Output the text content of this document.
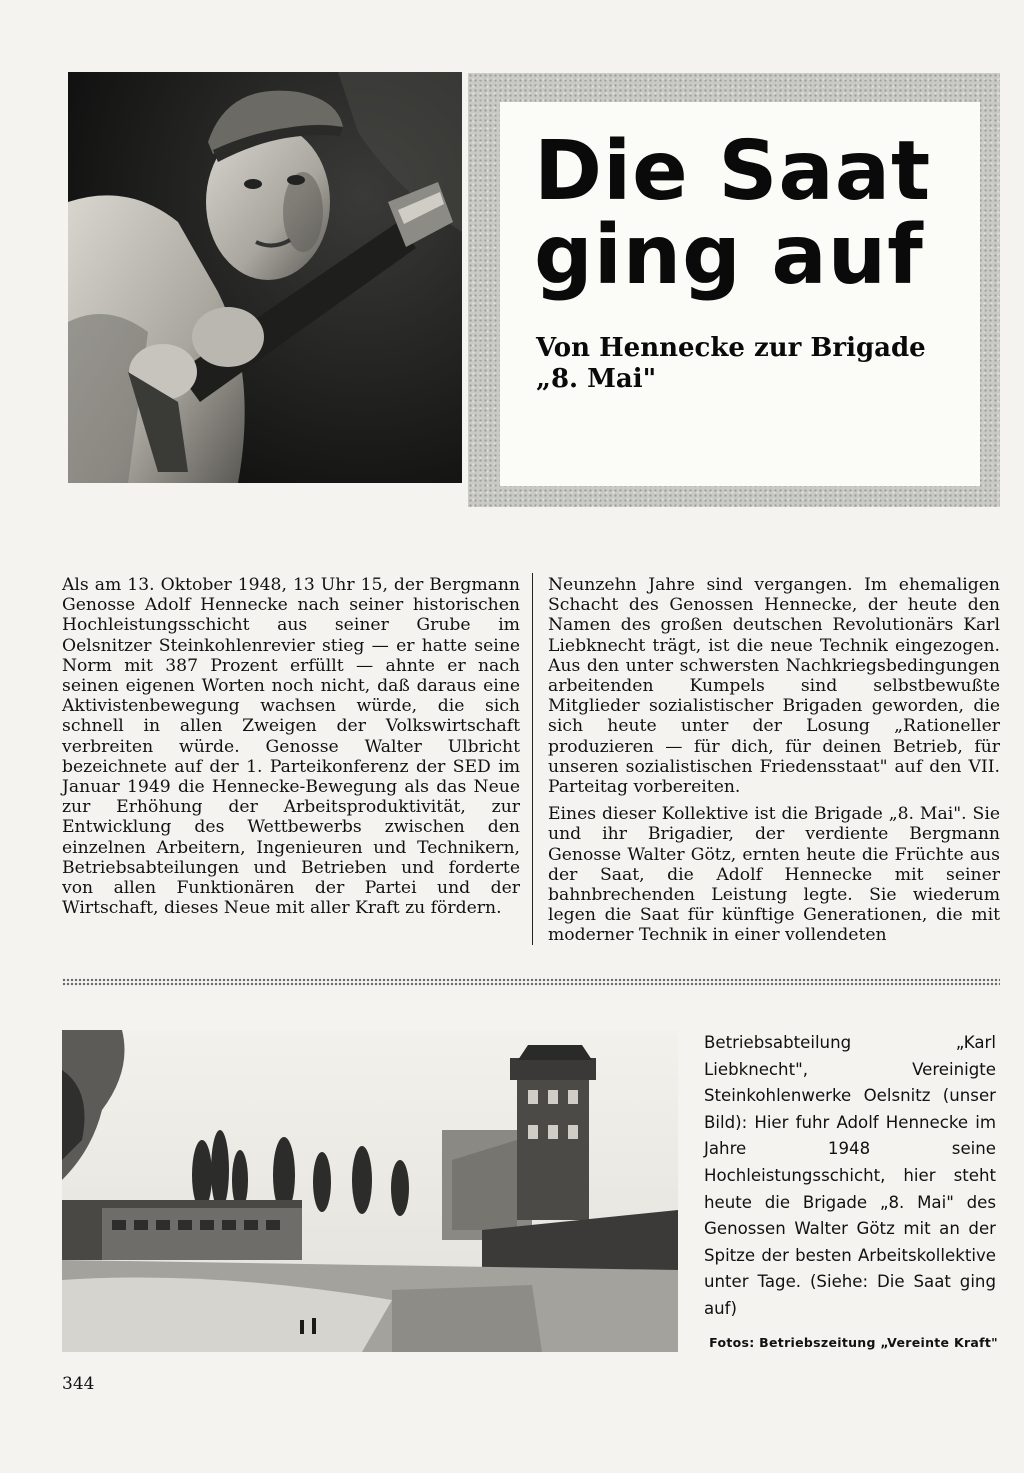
Die Saat ging auf
Von Hennecke zur Brigade „8. Mai"

Als am 13. Oktober 1948, 13 Uhr 15, der Bergmann Genosse Adolf Hennecke nach seiner historischen Hochleistungsschicht aus seiner Grube im Oelsnitzer Steinkohlenrevier stieg — er hatte seine Norm mit 387 Prozent erfüllt — ahnte er nach seinen eigenen Worten noch nicht, daß daraus eine Aktivistenbewegung wachsen würde, die sich schnell in allen Zweigen der Volkswirtschaft verbreiten würde. Genosse Walter Ulbricht bezeichnete auf der 1. Parteikonferenz der SED im Januar 1949 die Hennecke-Bewegung als das Neue zur Erhöhung der Arbeitsproduktivität, zur Entwicklung des Wettbewerbs zwischen den einzelnen Arbeitern, Ingenieuren und Technikern, Betriebsabteilungen und Betrieben und forderte von allen Funktionären der Partei und der Wirtschaft, dieses Neue mit aller Kraft zu fördern.

Neunzehn Jahre sind vergangen. Im ehemaligen Schacht des Genossen Hennecke, der heute den Namen des großen deutschen Revolutionärs Karl Liebknecht trägt, ist die neue Technik eingezogen. Aus den unter schwersten Nachkriegsbedingungen arbeitenden Kumpels sind selbstbewußte Mitglieder sozialistischer Brigaden geworden, die sich heute unter der Losung „Rationeller produzieren — für dich, für deinen Betrieb, für unseren sozialistischen Friedensstaat" auf den VII. Parteitag vorbereiten.

Eines dieser Kollektive ist die Brigade „8. Mai". Sie und ihr Brigadier, der verdiente Bergmann Genosse Walter Götz, ernten heute die Früchte aus der Saat, die Adolf Hennecke mit seiner bahnbrechenden Leistung legte. Sie wiederum legen die Saat für künftige Generationen, die mit moderner Technik in einer vollendeten

Betriebsabteilung „Karl Liebknecht", Vereinigte Steinkohlenwerke Oelsnitz (unser Bild): Hier fuhr Adolf Hennecke im Jahre 1948 seine Hochleistungsschicht, hier steht heute die Brigade „8. Mai" des Genossen Walter Götz mit an der Spitze der besten Arbeitskollektive unter Tage. (Siehe: Die Saat ging auf)

Fotos: Betriebszeitung „Vereinte Kraft"

344
